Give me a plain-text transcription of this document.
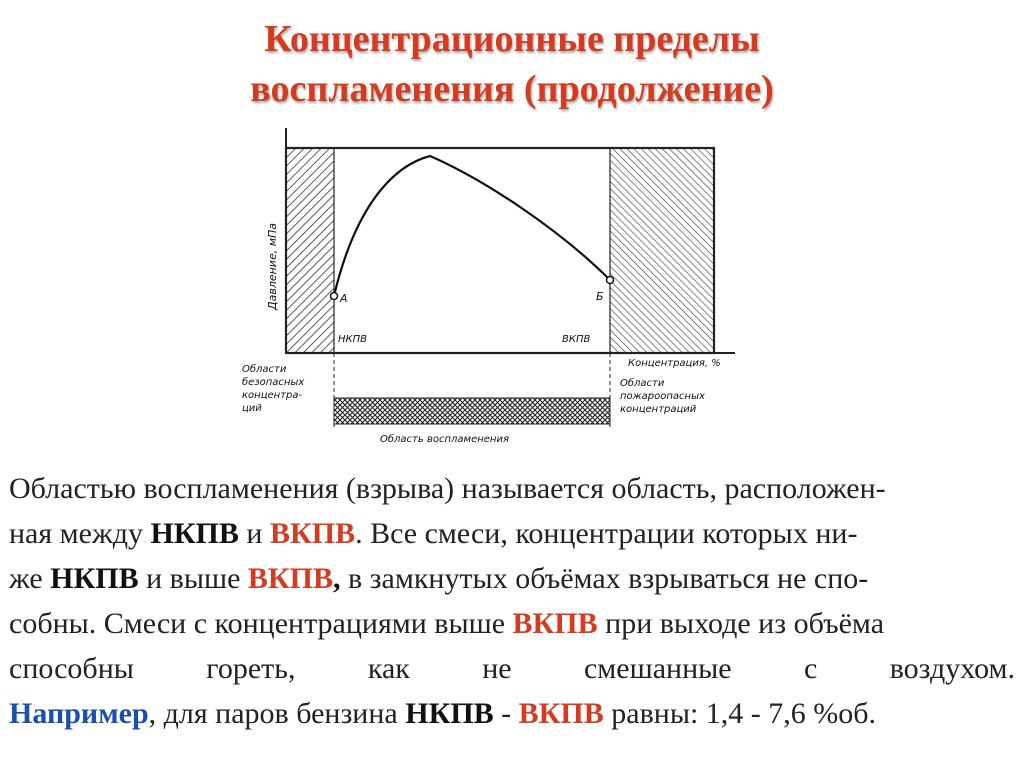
Концентрационные пределы
воспламенения (продолжение)
А	Б
НКПВ	ВКПВ
Давление, мПа
Концентрация, %
Области безопасных концентра- ций
Области пожароопасных концентраций
Область воспламенения

Областью воспламенения (взрыва) называется область, расположен-

ная между НКПВ и ВКПВ. Все смеси, концентрации которых ни-

же НКПВ и выше ВКПВ, в замкнутых объёмах взрываться не спо-

собны. Смеси с концентрациями выше ВКПВ при выходе из объёма

способны гореть, как не смешанные с воздухом.

Например, для паров бензина НКПВ - ВКПВ равны: 1,4 - 7,6 %об.
